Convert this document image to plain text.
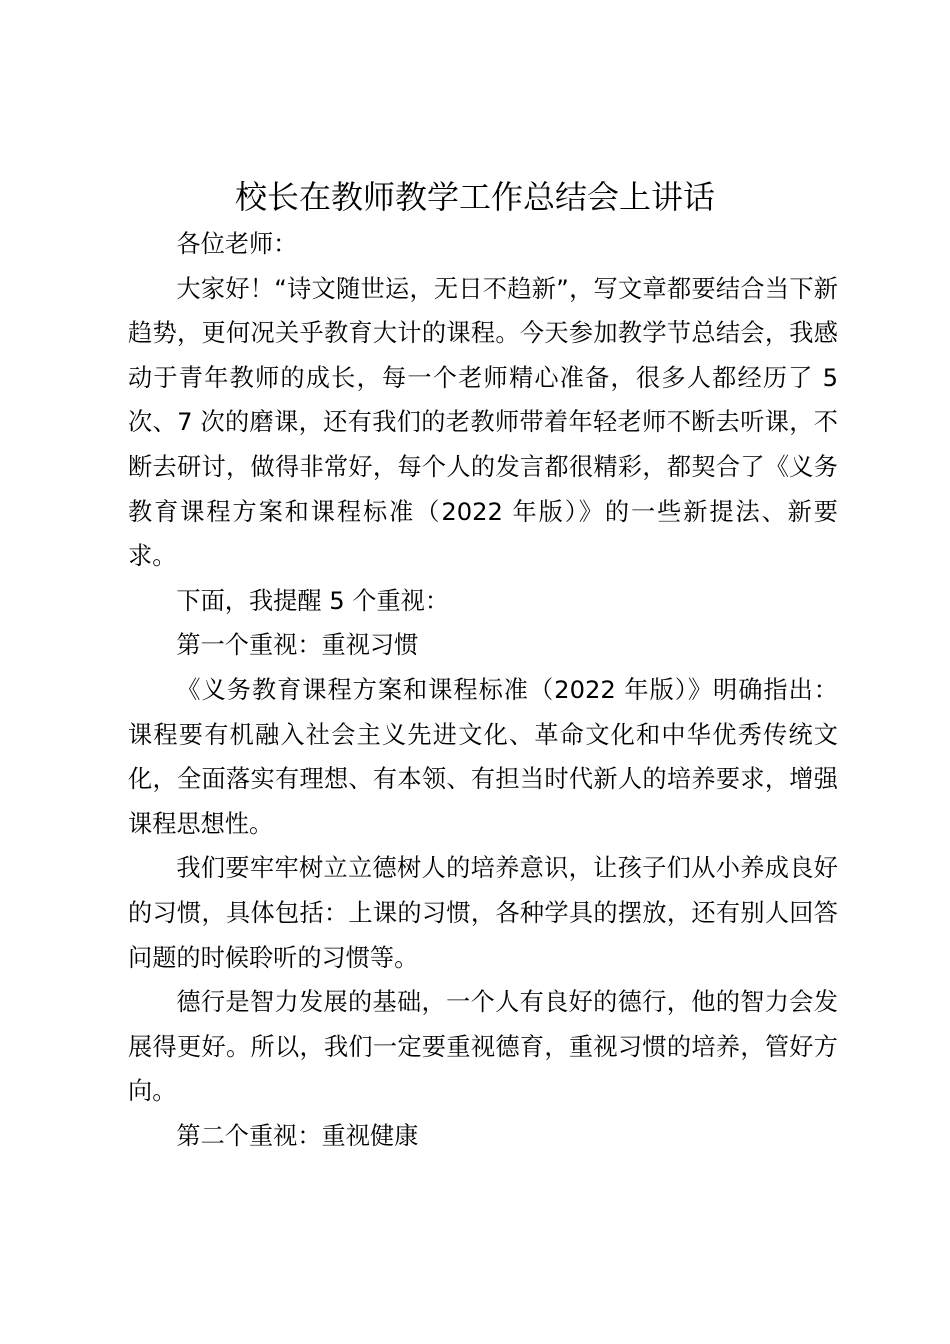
校长在教师教学工作总结会上讲话

各位老师：

大家好！“诗文随世运，无日不趋新”，写文章都要结合当下新趋势，更何况关乎教育大计的课程。今天参加教学节总结会，我感动于青年教师的成长，每一个老师精心准备，很多人都经历了 5 次、7 次的磨课，还有我们的老教师带着年轻老师不断去听课，不断去研讨，做得非常好，每个人的发言都很精彩，都契合了《义务教育课程方案和课程标准（2022 年版）》的一些新提法、新要求。

下面，我提醒 5 个重视：

第一个重视：重视习惯

《义务教育课程方案和课程标准（2022 年版）》明确指出：课程要有机融入社会主义先进文化、革命文化和中华优秀传统文化，全面落实有理想、有本领、有担当时代新人的培养要求，增强课程思想性。

我们要牢牢树立立德树人的培养意识，让孩子们从小养成良好的习惯，具体包括：上课的习惯，各种学具的摆放，还有别人回答问题的时候聆听的习惯等。

德行是智力发展的基础，一个人有良好的德行，他的智力会发展得更好。所以，我们一定要重视德育，重视习惯的培养，管好方向。

第二个重视：重视健康
